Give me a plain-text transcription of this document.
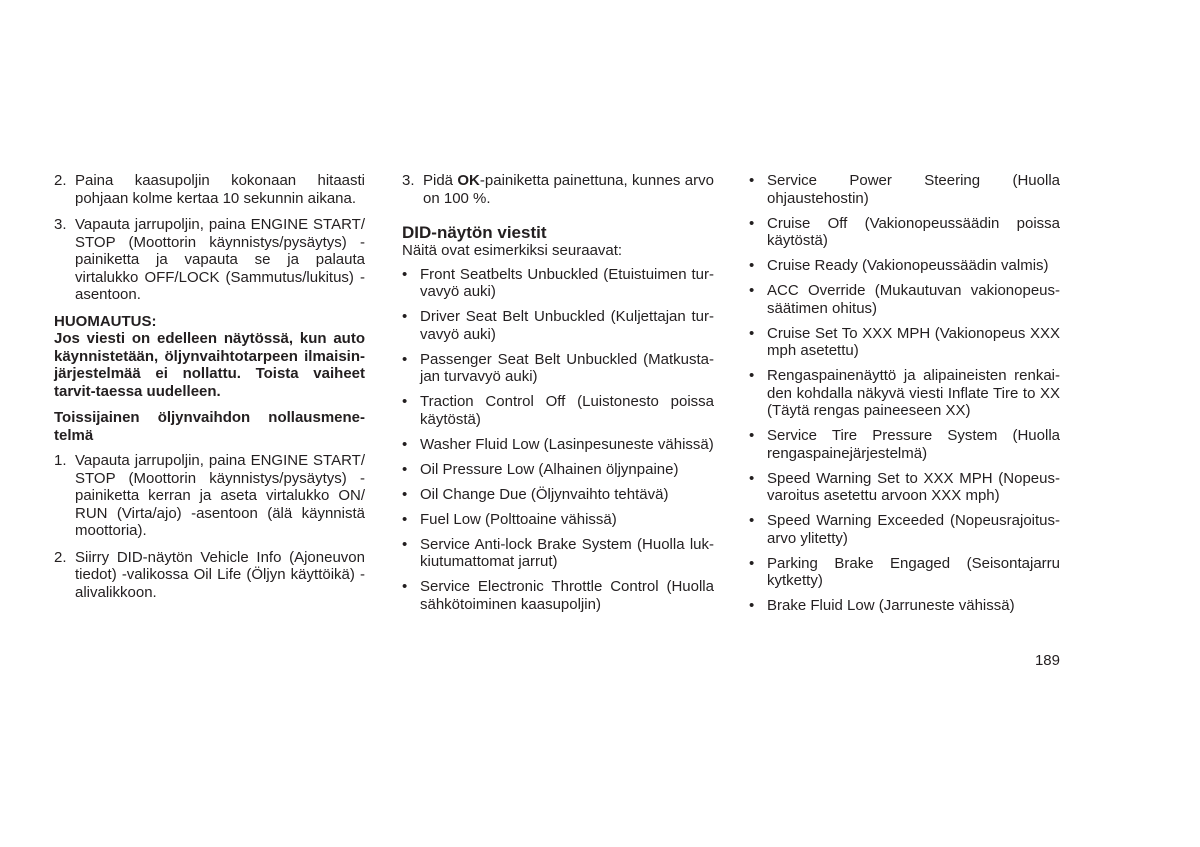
2. Paina kaasupoljin kokonaan hitaasti pohjaan kolme kertaa 10 sekunnin aikana.
3. Vapauta jarrupoljin, paina ENGINE START/ STOP (Moottorin käynnistys/pysäytys) -painiketta ja vapauta se ja palauta virtalukko OFF/LOCK (Sammutus/lukitus) -asentoon.
HUOMAUTUS:
Jos viesti on edelleen näytössä, kun auto käynnistetään, öljynvaihtotarpeen ilmaisin-järjestelmää ei nollattu. Toista vaiheet tarvit-taessa uudelleen.
Toissijainen öljynvaihdon nollausmene-telmä
1. Vapauta jarrupoljin, paina ENGINE START/ STOP (Moottorin käynnistys/pysäytys) -painiketta kerran ja aseta virtalukko ON/ RUN (Virta/ajo) -asentoon (älä käynnistä moottoria).
2. Siirry DID-näytön Vehicle Info (Ajoneuvon tiedot) -valikossa Oil Life (Öljyn käyttöikä) -alivalikkoon.
3. Pidä OK-painiketta painettuna, kunnes arvo on 100 %.
DID-näytön viestit
Näitä ovat esimerkiksi seuraavat:
• Front Seatbelts Unbuckled (Etuistuimen tur-vavyö auki)
• Driver Seat Belt Unbuckled (Kuljettajan tur-vavyö auki)
• Passenger Seat Belt Unbuckled (Matkusta-jan turvavyö auki)
• Traction Control Off (Luistonesto poissa käytöstä)
• Washer Fluid Low (Lasinpesuneste vähissä)
• Oil Pressure Low (Alhainen öljynpaine)
• Oil Change Due (Öljynvaihto tehtävä)
• Fuel Low (Polttoaine vähissä)
• Service Anti-lock Brake System (Huolla luk-kiutumattomat jarrut)
• Service Electronic Throttle Control (Huolla sähkötoiminen kaasupoljin)
• Service Power Steering (Huolla ohjaustehostin)
• Cruise Off (Vakionopeussäädin poissa käytöstä)
• Cruise Ready (Vakionopeussäädin valmis)
• ACC Override (Mukautuvan vakionopeus-säätimen ohitus)
• Cruise Set To XXX MPH (Vakionopeus XXX mph asetettu)
• Rengaspainenäyttö ja alipaineisten renkai-den kohdalla näkyvä viesti Inflate Tire to XX (Täytä rengas paineeseen XX)
• Service Tire Pressure System (Huolla rengaspainejärjestelmä)
• Speed Warning Set to XXX MPH (Nopeus-varoitus asetettu arvoon XXX mph)
• Speed Warning Exceeded (Nopeusrajoitus-arvo ylitetty)
• Parking Brake Engaged (Seisontajarru kytketty)
• Brake Fluid Low (Jarruneste vähissä)
189
